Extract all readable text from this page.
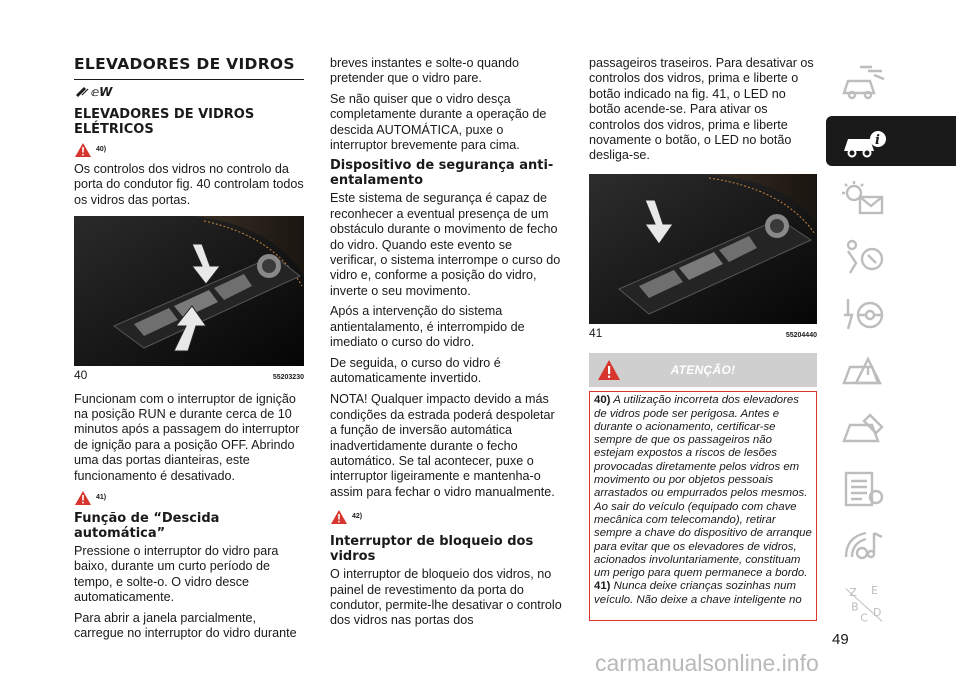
ELEVADORES DE VIDROS
ⅇW
ELEVADORES DE VIDROS ELÉTRICOS
40)

Os controlos dos vidros no controlo da porta do condutor fig. 40 controlam todos os vidros das portas.

40	55203230

Funcionam com o interruptor de ignição na posição RUN e durante cerca de 10 minutos após a passagem do interruptor de ignição para a posição OFF. Abrindo uma das portas dianteiras, este funcionamento é desativado.

41)
Função de “Descida automática”

Pressione o interruptor do vidro para baixo, durante um curto período de tempo, e solte-o. O vidro desce automaticamente.

Para abrir a janela parcialmente, carregue no interruptor do vidro durante

breves instantes e solte-o quando pretender que o vidro pare.

Se não quiser que o vidro desça completamente durante a operação de descida AUTOMÁTICA, puxe o interruptor brevemente para cima.

Dispositivo de segurança anti-entalamento

Este sistema de segurança é capaz de reconhecer a eventual presença de um obstáculo durante o movimento de fecho do vidro. Quando este evento se verificar, o sistema interrompe o curso do vidro e, conforme a posição do vidro, inverte o seu movimento.

Após a intervenção do sistema antientalamento, é interrompido de imediato o curso do vidro.

De seguida, o curso do vidro é automaticamente invertido.

NOTA! Qualquer impacto devido a más condições da estrada poderá despoletar a função de inversão automática inadvertidamente durante o fecho automático. Se tal acontecer, puxe o interruptor ligeiramente e mantenha-o assim para fechar o vidro manualmente.

42)
Interruptor de bloqueio dos vidros

O interruptor de bloqueio dos vidros, no painel de revestimento da porta do condutor, permite-lhe desativar o controlo dos vidros nas portas dos

passageiros traseiros. Para desativar os controlos dos vidros, prima e liberte o botão indicado na fig. 41, o LED no botão acende-se. Para ativar os controlos dos vidros, prima e liberte novamente o botão, o LED no botão desliga-se.

41	55204440
ATENÇÃO!

40) A utilização incorreta dos elevadores de vidros pode ser perigosa. Antes e durante o acionamento, certificar-se sempre de que os passageiros não estejam expostos a riscos de lesões provocadas diretamente pelos vidros em movimento ou por objetos pessoais arrastados ou empurrados pelos mesmos. Ao sair do veículo (equipado com chave mecânica com telecomando), retirar sempre a chave do dispositivo de arranque para evitar que os elevadores de vidros, acionados involuntariamente, constituam um perigo para quem permanece a bordo.

41) Nunca deixe crianças sozinhas num veículo. Não deixe a chave inteligente no

i
Z E
B
C D
49
carmanualsonline.info
